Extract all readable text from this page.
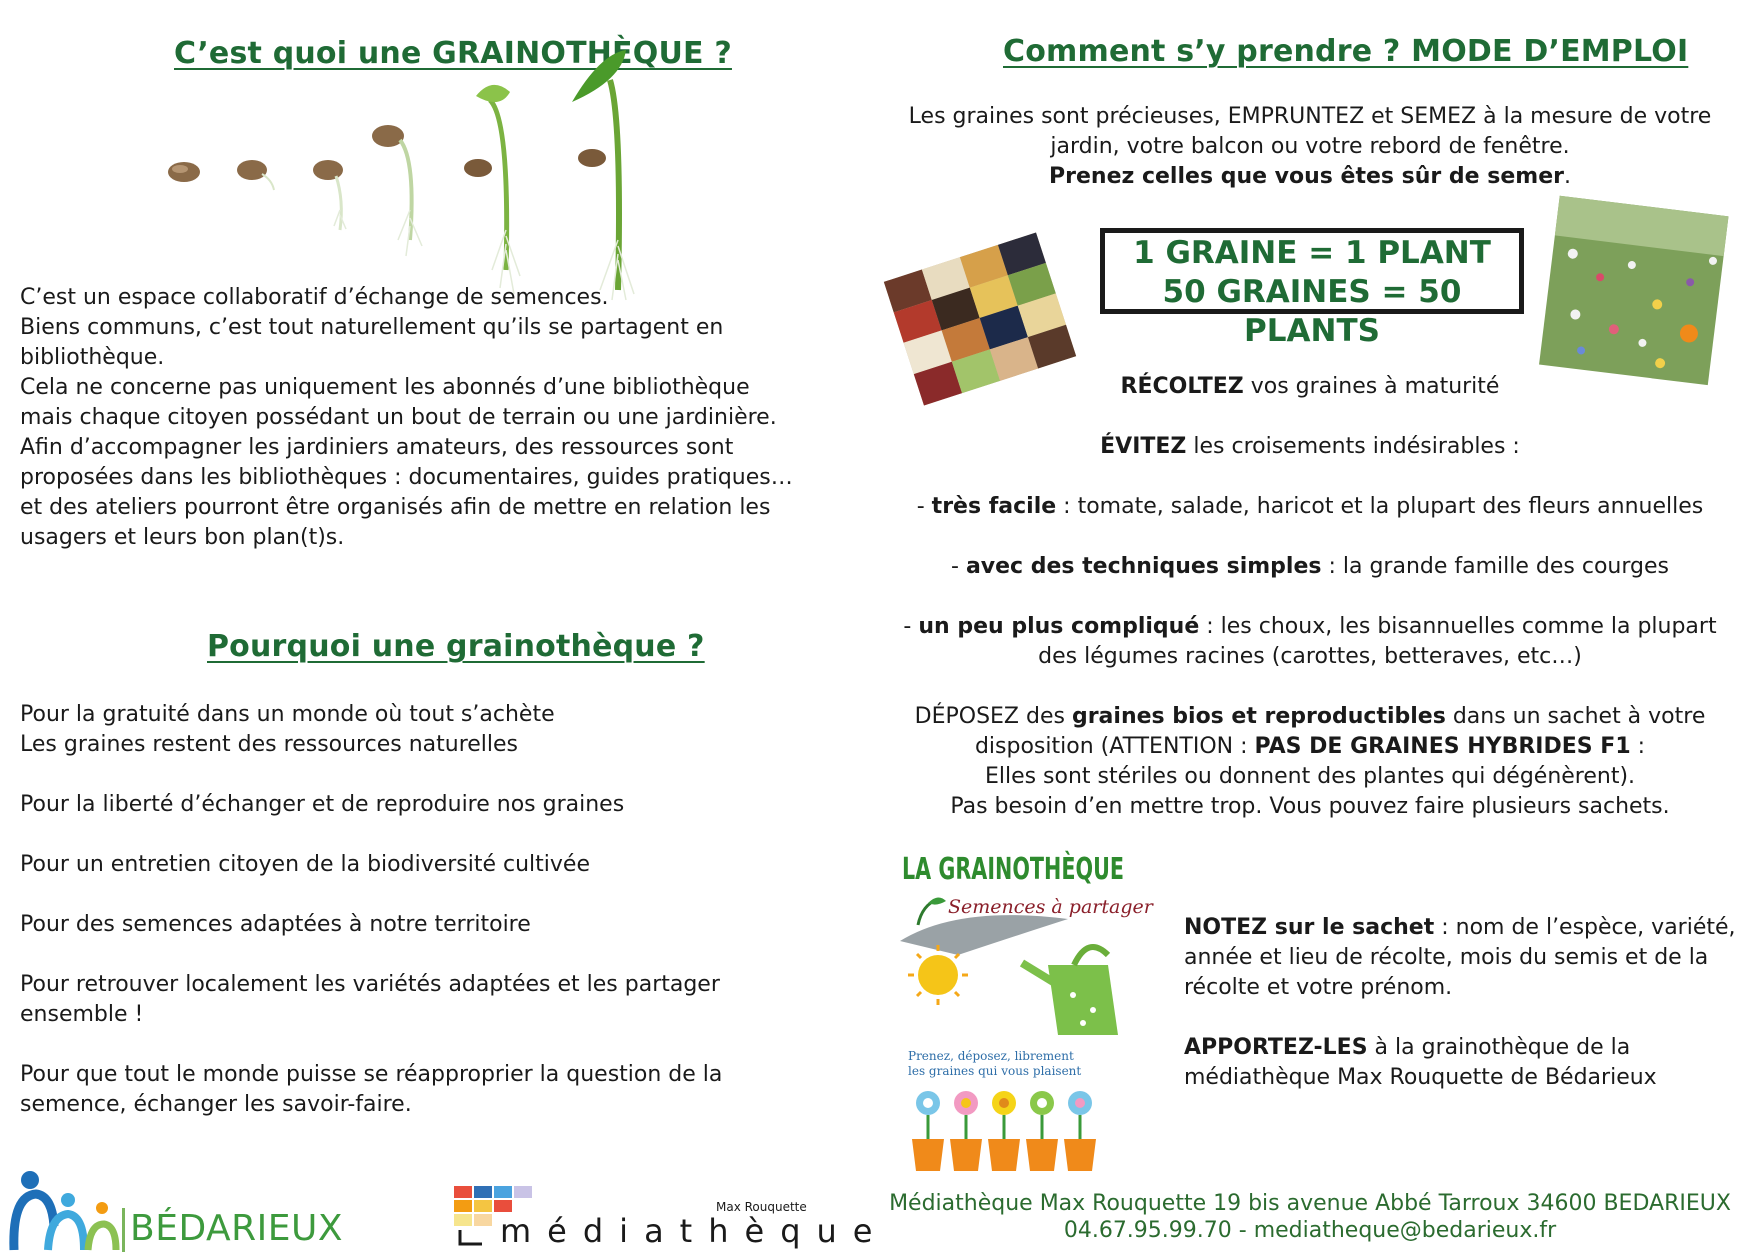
C’est quoi une GRAINOTHÈQUE ?

C’est un espace collaboratif d’échange de semences.

Biens communs, c’est tout naturellement qu’ils se partagent en

bibliothèque.

Cela ne concerne pas uniquement les abonnés d’une bibliothèque

mais chaque citoyen possédant un bout de terrain ou une jardinière.

Afin d’accompagner les jardiniers amateurs, des ressources sont

proposées dans les bibliothèques : documentaires, guides pratiques…

et des ateliers pourront être organisés afin de mettre en relation les

usagers et leurs bon plan(t)s.

Pourquoi une grainothèque ?

Pour la gratuité dans un monde où tout s’achète
Les graines restent des ressources naturelles

Pour la liberté d’échanger et de reproduire nos graines

Pour un entretien citoyen de la biodiversité cultivée

Pour des semences adaptées à notre territoire

Pour retrouver localement les variétés adaptées et les partager
ensemble !

Pour que tout le monde puisse se réapproprier la question de la
semence, échanger les savoir-faire.

BÉDARIEUX
Max Rouquette
médiathèque
Comment s’y prendre ? MODE D’EMPLOI
Les graines sont précieuses, EMPRUNTEZ et SEMEZ à la mesure de votre
jardin, votre balcon ou votre rebord de fenêtre.
Prenez celles que vous êtes sûr de semer.
1 GRAINE = 1 PLANT
50 GRAINES = 50 PLANTS

RÉCOLTEZ vos graines à maturité

ÉVITEZ les croisements indésirables :

- très facile : tomate, salade, haricot et la plupart des fleurs annuelles

- avec des techniques simples : la grande famille des courges

- un peu plus compliqué : les choux, les bisannuelles comme la plupart
des légumes racines (carottes, betteraves, etc…)

DÉPOSEZ des graines bios et reproductibles dans un sachet à votre
disposition (ATTENTION : PAS DE GRAINES HYBRIDES F1 :
Elles sont stériles ou donnent des plantes qui dégénèrent).
Pas besoin d’en mettre trop. Vous pouvez faire plusieurs sachets.

LA GRAINOTHÈQUE
Semences à partager
Prenez, déposez, librement
les graines qui vous plaisent

NOTEZ sur le sachet : nom de l’espèce, variété,
année et lieu de récolte, mois du semis et de la
récolte et votre prénom.

APPORTEZ-LES à la grainothèque de la
médiathèque Max Rouquette de Bédarieux

Médiathèque Max Rouquette 19 bis avenue Abbé Tarroux 34600 BEDARIEUX
04.67.95.99.70 - mediatheque@bedarieux.fr
